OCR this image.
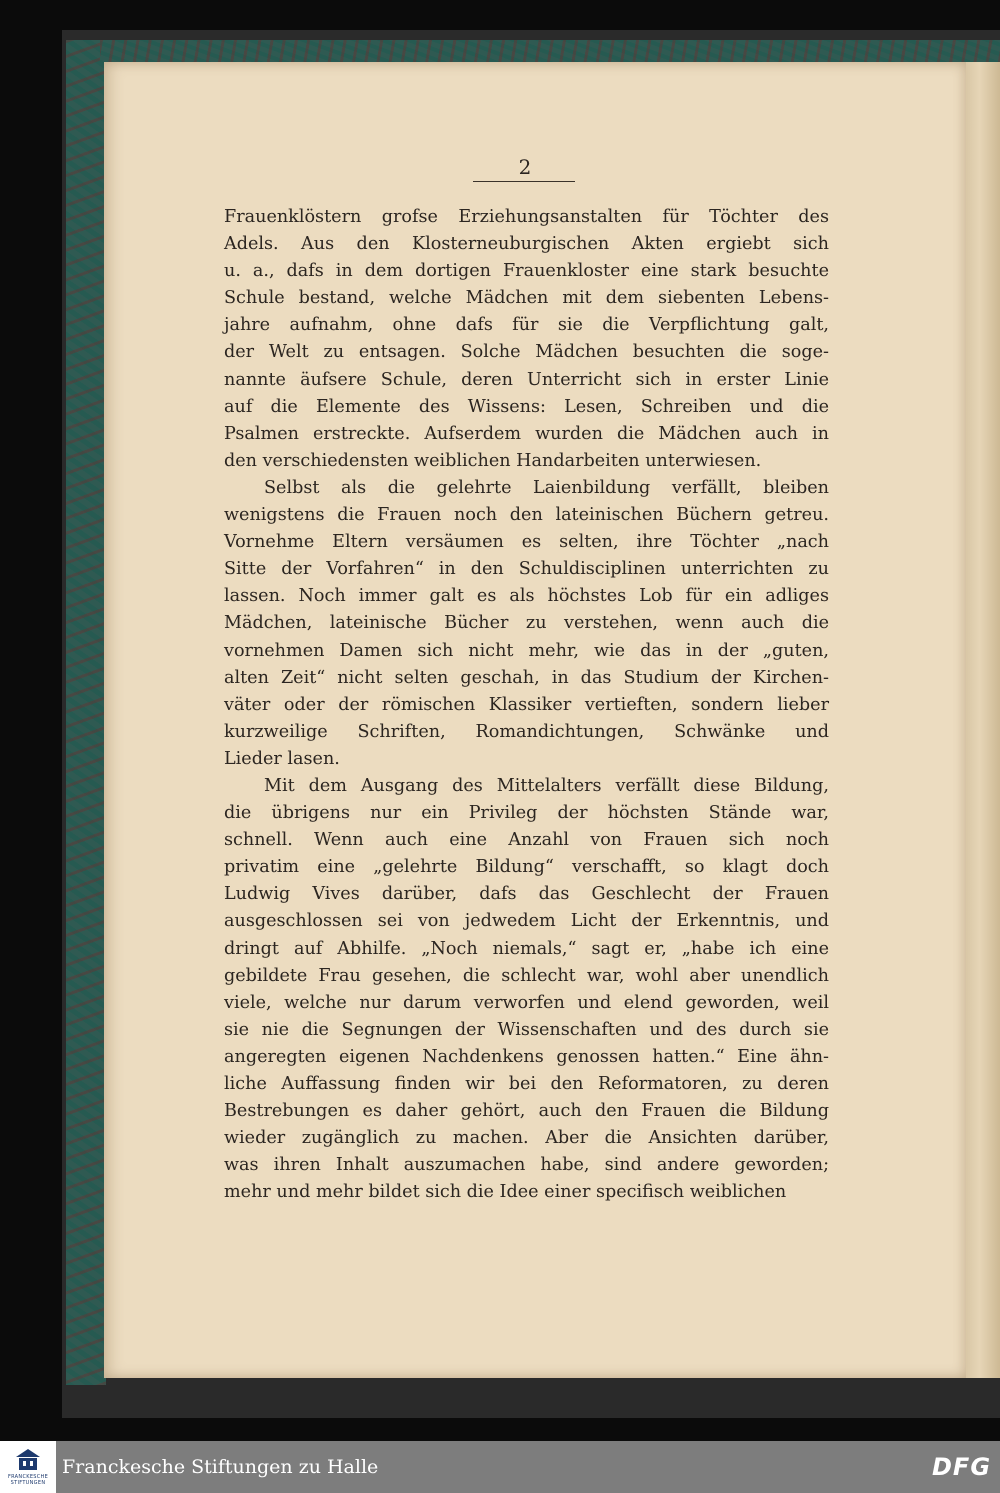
2
Frauenklöstern grofse Erziehungsanstalten für Töchter des
Adels. Aus den Klosterneuburgischen Akten ergiebt sich
u. a., dafs in dem dortigen Frauenkloster eine stark besuchte
Schule bestand, welche Mädchen mit dem siebenten Lebens-
jahre aufnahm, ohne dafs für sie die Verpflichtung galt,
der Welt zu entsagen. Solche Mädchen besuchten die soge-
nannte äufsere Schule, deren Unterricht sich in erster Linie
auf die Elemente des Wissens: Lesen, Schreiben und die
Psalmen erstreckte. Aufserdem wurden die Mädchen auch in
den verschiedensten weiblichen Handarbeiten unterwiesen.
Selbst als die gelehrte Laienbildung verfällt, bleiben
wenigstens die Frauen noch den lateinischen Büchern getreu.
Vornehme Eltern versäumen es selten, ihre Töchter „nach
Sitte der Vorfahren“ in den Schuldisciplinen unterrichten zu
lassen. Noch immer galt es als höchstes Lob für ein adliges
Mädchen, lateinische Bücher zu verstehen, wenn auch die
vornehmen Damen sich nicht mehr, wie das in der „guten,
alten Zeit“ nicht selten geschah, in das Studium der Kirchen-
väter oder der römischen Klassiker vertieften, sondern lieber
kurzweilige Schriften, Romandichtungen, Schwänke und
Lieder lasen.
Mit dem Ausgang des Mittelalters verfällt diese Bildung,
die übrigens nur ein Privileg der höchsten Stände war,
schnell. Wenn auch eine Anzahl von Frauen sich noch
privatim eine „gelehrte Bildung“ verschafft, so klagt doch
Ludwig Vives darüber, dafs das Geschlecht der Frauen
ausgeschlossen sei von jedwedem Licht der Erkenntnis, und
dringt auf Abhilfe. „Noch niemals,“ sagt er, „habe ich eine
gebildete Frau gesehen, die schlecht war, wohl aber unendlich
viele, welche nur darum verworfen und elend geworden, weil
sie nie die Segnungen der Wissenschaften und des durch sie
angeregten eigenen Nachdenkens genossen hatten.“ Eine ähn-
liche Auffassung finden wir bei den Reformatoren, zu deren
Bestrebungen es daher gehört, auch den Frauen die Bildung
wieder zugänglich zu machen. Aber die Ansichten darüber,
was ihren Inhalt auszumachen habe, sind andere geworden;
mehr und mehr bildet sich die Idee einer specifisch weiblichen
FRANCKESCHE STIFTUNGEN
Franckesche Stiftungen zu Halle	DFG
